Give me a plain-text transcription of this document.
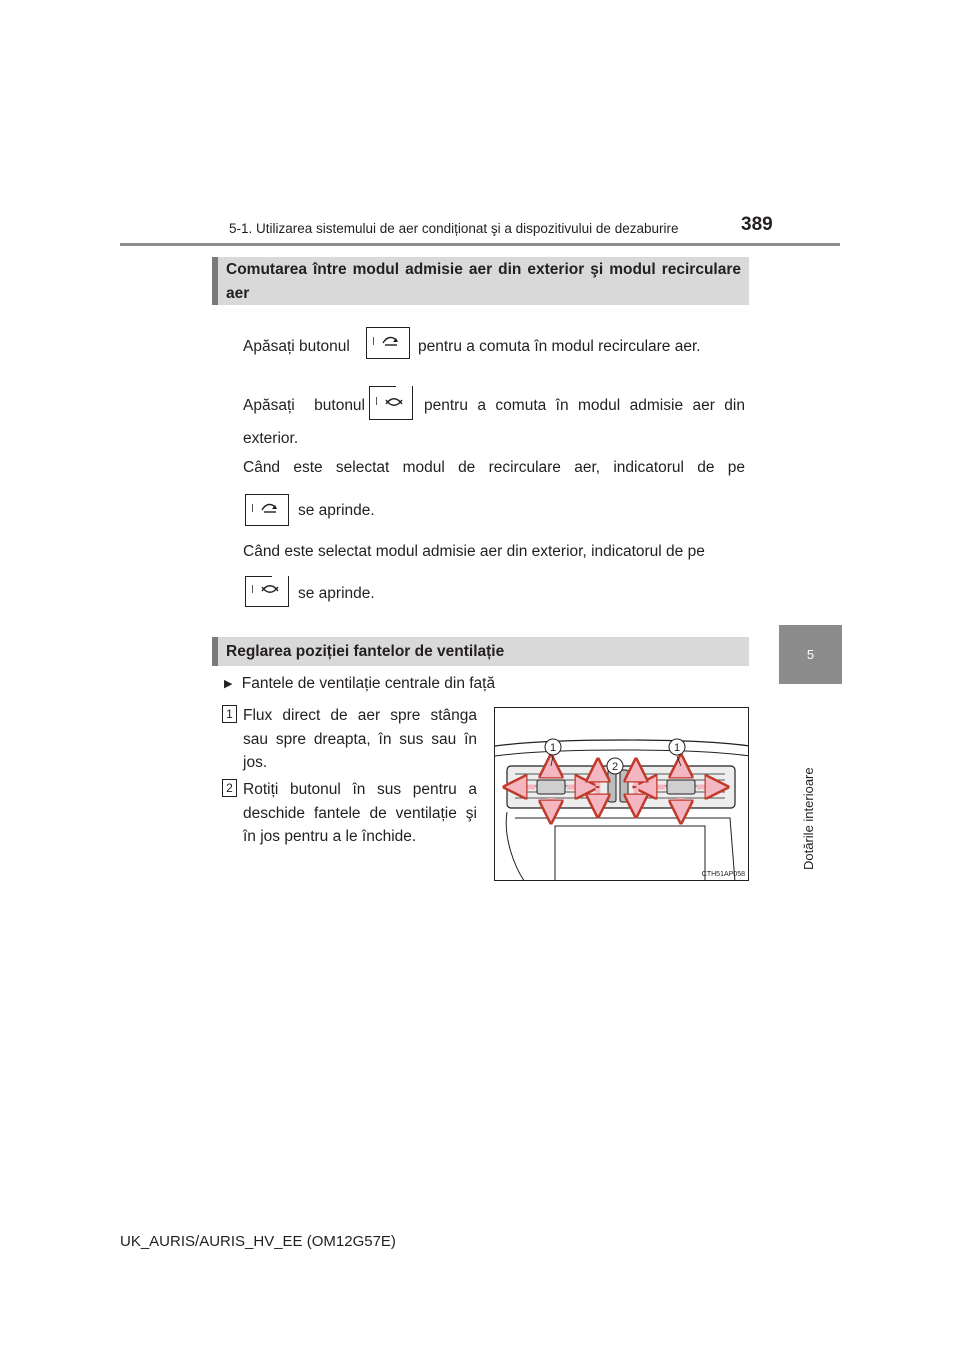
5-1. Utilizarea sistemului de aer condiționat şi a dispozitivului de dezaburire	389
5
Dotările interioare
Comutarea între modul admisie aer din exterior şi modul recirculare aer
Apăsați butonul	pentru a comuta în modul recirculare aer.
Apăsați butonul	pentru a comuta în modul admisie aer din
exterior.
Când este selectat modul de recirculare aer, indicatorul de pe
se aprinde.
Când este selectat modul admisie aer din exterior, indicatorul de pe
se aprinde.
Reglarea poziției fantelor de ventilație
▶ Fantele de ventilație centrale din față
1 Flux direct de aer spre stânga
sau spre dreapta, în sus sau în
jos.
2 Rotiți butonul în sus pentru a
deschide fantele de ventilație şi
în jos pentru a le închide.
1
2
1
CTH51AP058
UK_AURIS/AURIS_HV_EE (OM12G57E)
